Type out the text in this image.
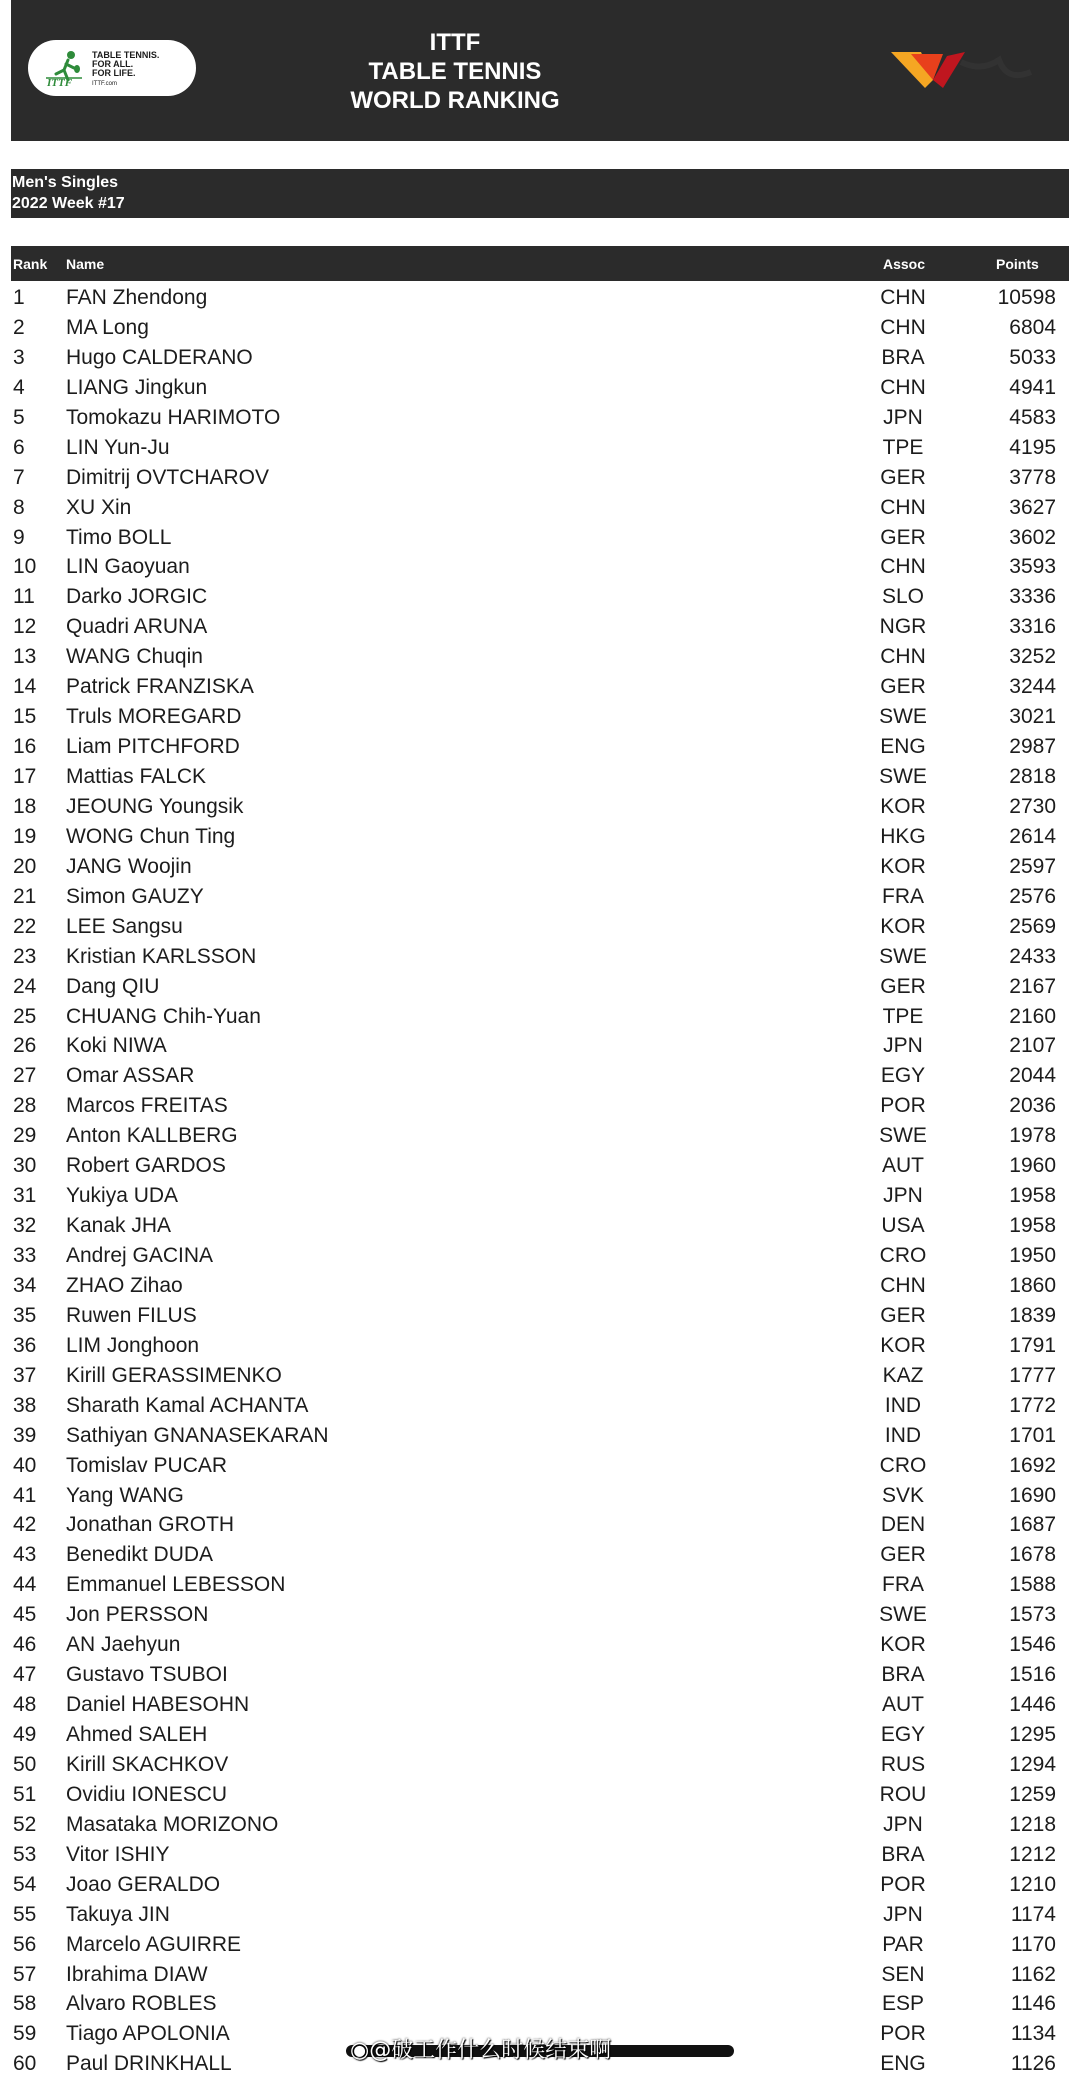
ITTF
TABLE TENNIS.
FOR ALL.
FOR LIFE.
ITTF.com
ITTF
TABLE TENNIS
WORLD RANKING
Men's Singles
2022 Week #17
Rank Name	Assoc	Points
1 FAN Zhendong	CHN	10598
2 MA Long	CHN	6804
3 Hugo CALDERANO	BRA	5033
4 LIANG Jingkun	CHN	4941
5 Tomokazu HARIMOTO	JPN	4583
6 LIN Yun-Ju	TPE	4195
7 Dimitrij OVTCHAROV	GER	3778
8 XU Xin	CHN	3627
9 Timo BOLL	GER	3602
10 LIN Gaoyuan	CHN	3593
11 Darko JORGIC	SLO	3336
12 Quadri ARUNA	NGR	3316
13 WANG Chuqin	CHN	3252
14 Patrick FRANZISKA	GER	3244
15 Truls MOREGARD	SWE	3021
16 Liam PITCHFORD	ENG	2987
17 Mattias FALCK	SWE	2818
18 JEOUNG Youngsik	KOR	2730
19 WONG Chun Ting	HKG	2614
20 JANG Woojin	KOR	2597
21 Simon GAUZY	FRA	2576
22 LEE Sangsu	KOR	2569
23 Kristian KARLSSON	SWE	2433
24 Dang QIU	GER	2167
25 CHUANG Chih-Yuan	TPE	2160
26 Koki NIWA	JPN	2107
27 Omar ASSAR	EGY	2044
28 Marcos FREITAS	POR	2036
29 Anton KALLBERG	SWE	1978
30 Robert GARDOS	AUT	1960
31 Yukiya UDA	JPN	1958
32 Kanak JHA	USA	1958
33 Andrej GACINA	CRO	1950
34 ZHAO Zihao	CHN	1860
35 Ruwen FILUS	GER	1839
36 LIM Jonghoon	KOR	1791
37 Kirill GERASSIMENKO	KAZ	1777
38 Sharath Kamal ACHANTA	IND	1772
39 Sathiyan GNANASEKARAN	IND	1701
40 Tomislav PUCAR	CRO	1692
41 Yang WANG	SVK	1690
42 Jonathan GROTH	DEN	1687
43 Benedikt DUDA	GER	1678
44 Emmanuel LEBESSON	FRA	1588
45 Jon PERSSON	SWE	1573
46 AN Jaehyun	KOR	1546
47 Gustavo TSUBOI	BRA	1516
48 Daniel HABESOHN	AUT	1446
49 Ahmed SALEH	EGY	1295
50 Kirill SKACHKOV	RUS	1294
51 Ovidiu IONESCU	ROU	1259
52 Masataka MORIZONO	JPN	1218
53 Vitor ISHIY	BRA	1212
54 Joao GERALDO	POR	1210
55 Takuya JIN	JPN	1174
56 Marcelo AGUIRRE	PAR	1170
57 Ibrahima DIAW	SEN	1162
58 Alvaro ROBLES	ESP	1146
59 Tiago APOLONIA	POR	1134
60 Paul DRINKHALL	ENG	1126
◉@破工作什么时候结束啊
